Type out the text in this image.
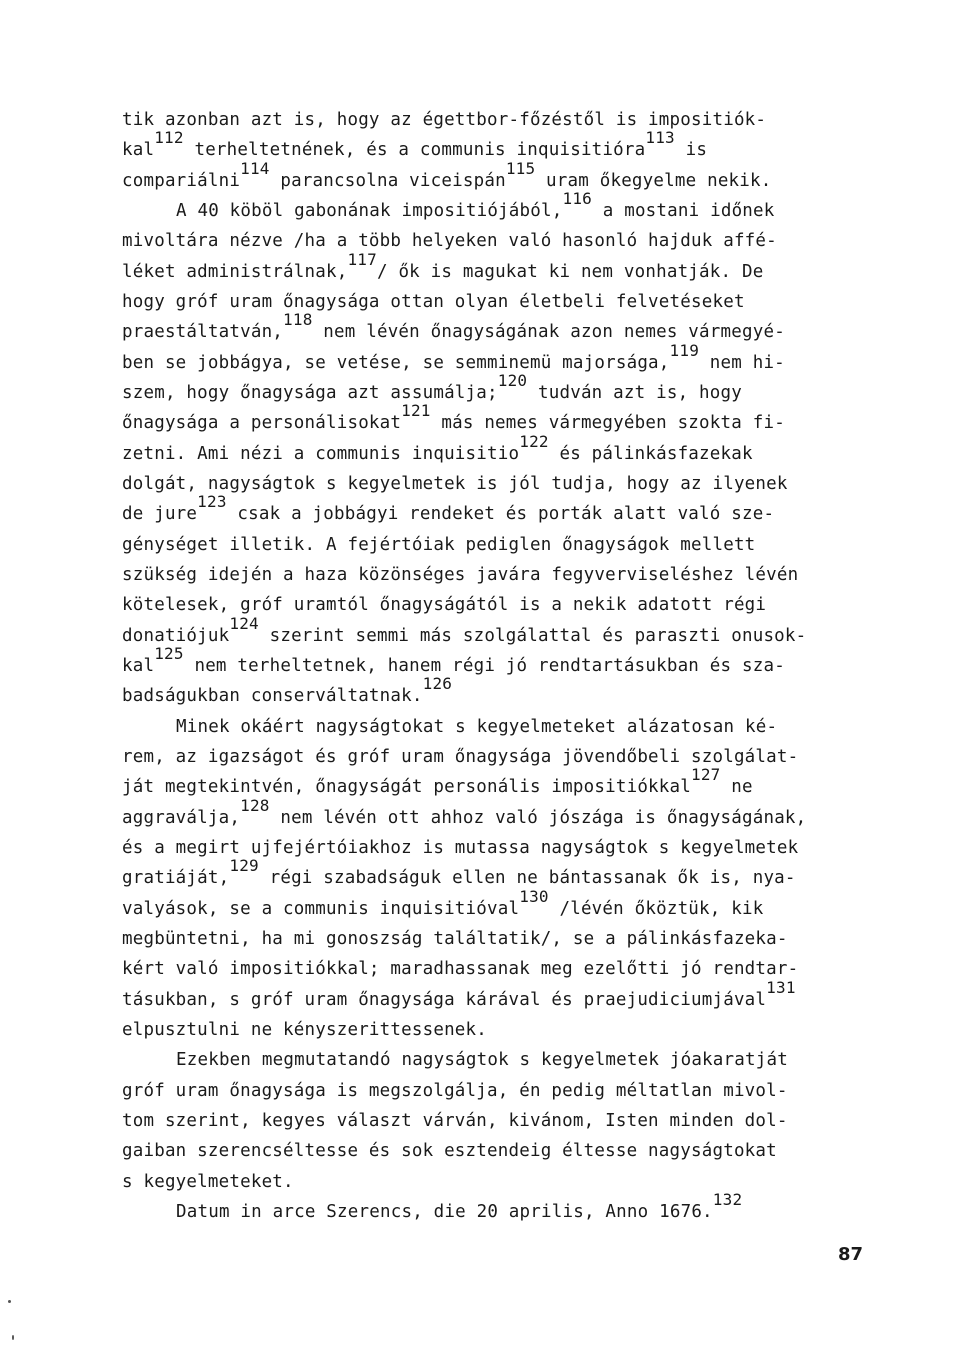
tik azonban azt is, hogy az égettbor-főzéstől is impositiók-
kal$^{112}$ terheltetnének, és a communis inquisitióra$^{113}$ is
compariálni$^{114}$ parancsolna viceispán$^{115}$ uram őkegyelme nekik.
A 40 köböl gabonának impositiójából,$^{116}$ a mostani időnek
mivoltára nézve /ha a több helyeken való hasonló hajduk affé-
léket administrálnak,$^{117}$/ ők is magukat ki nem vonhatják. De
hogy gróf uram őnagysága ottan olyan életbeli felvetéseket
praestáltatván,$^{118}$ nem lévén őnagyságának azon nemes vármegyé-
ben se jobbágya, se vetése, se semminemü majorsága,$^{119}$ nem hi-
szem, hogy őnagysága azt assumálja;$^{120}$ tudván azt is, hogy
őnagysága a personálisokat$^{121}$ más nemes vármegyében szokta fi-
zetni. Ami nézi a communis inquisitio$^{122}$ és pálinkásfazekak
dolgát, nagyságtok s kegyelmetek is jól tudja, hogy az ilyenek
de jure$^{123}$ csak a jobbágyi rendeket és porták alatt való sze-
génységet illetik. A fejértóiak pediglen őnagyságok mellett
szükség idején a haza közönséges javára fegyverviseléshez lévén
kötelesek, gróf uramtól őnagyságától is a nekik adatott régi
donatiójuk$^{124}$ szerint semmi más szolgálattal és paraszti onusok-
kal$^{125}$ nem terheltetnek, hanem régi jó rendtartásukban és sza-
badságukban conserváltatnak.$^{126}$
Minek okáért nagyságtokat s kegyelmeteket alázatosan ké-
rem, az igazságot és gróf uram őnagysága jövendőbeli szolgálat-
ját megtekintvén, őnagyságát personális impositiókkal$^{127}$ ne
aggraválja,$^{128}$ nem lévén ott ahhoz való jószága is őnagyságának,
és a megirt ujfejértóiakhoz is mutassa nagyságtok s kegyelmetek
gratiáját,$^{129}$ régi szabadságuk ellen ne bántassanak ők is, nya-
valyások, se a communis inquisitióval$^{130}$ /lévén őköztük, kik
megbüntetni, ha mi gonoszság találtatik/, se a pálinkásfazeka-
kért való impositiókkal; maradhassanak meg ezelőtti jó rendtar-
tásukban, s gróf uram őnagysága kárával és praejudiciumjával$^{131}$
elpusztulni ne kényszerittessenek.
Ezekben megmutatandó nagyságtok s kegyelmetek jóakaratját
gróf uram őnagysága is megszolgálja, én pedig méltatlan mivol-
tom szerint, kegyes választ várván, kivánom, Isten minden dol-
gaiban szerencséltesse és sok esztendeig éltesse nagyságtokat
s kegyelmeteket.
Datum in arce Szerencs, die 20 aprilis, Anno 1676.$^{132}$
87
